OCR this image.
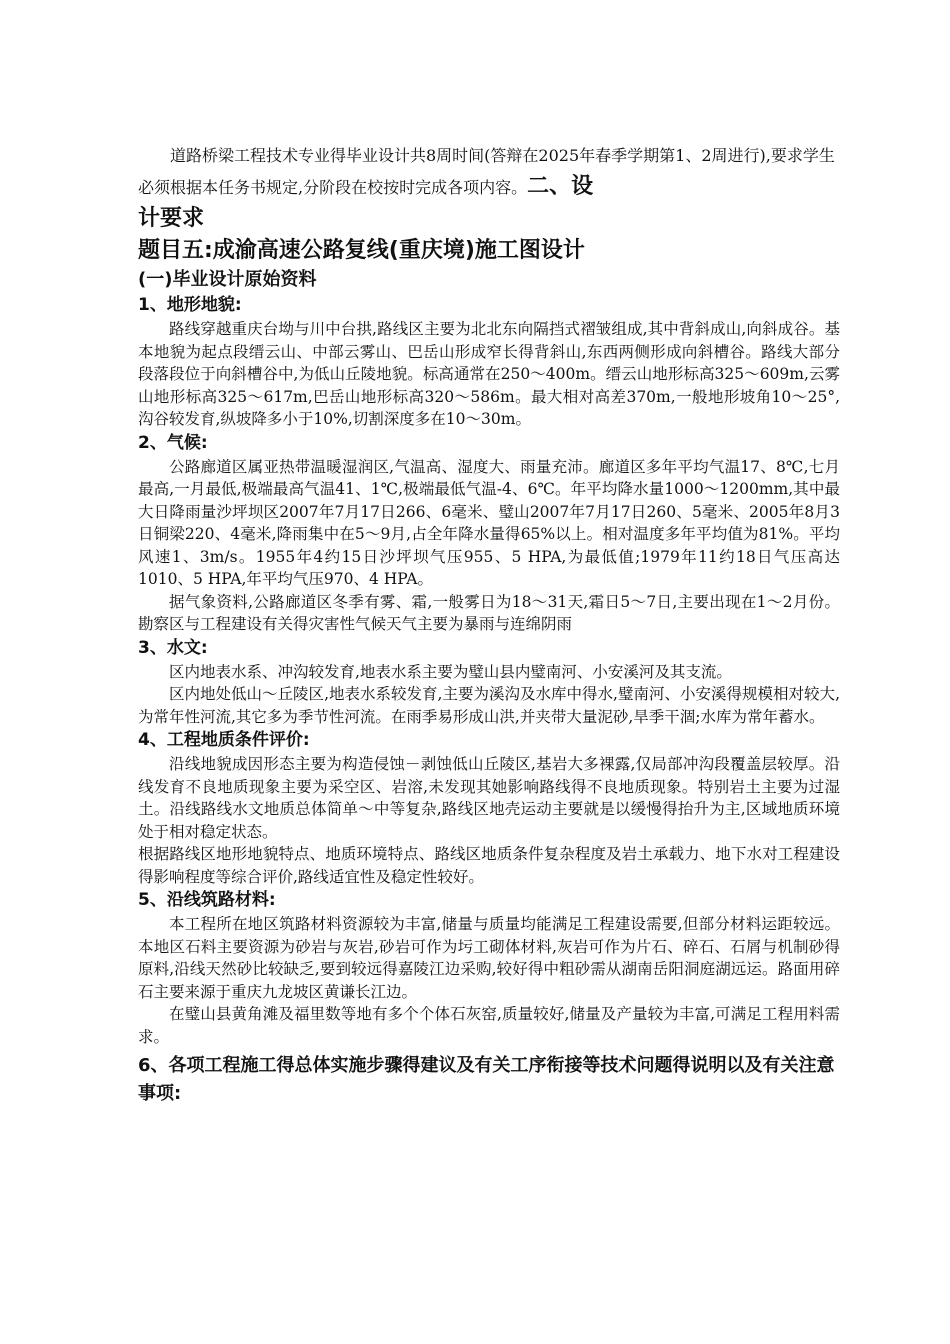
道路桥梁工程技术专业得毕业设计共8周时间(答辩在2025年春季学期第1、2周进行),要求学生必须根据本任务书规定,分阶段在校按时完成各项内容。二、设

计要求

题目五:成渝高速公路复线(重庆境)施工图设计

(一)毕业设计原始资料

1、地形地貌:

路线穿越重庆台坳与川中台拱,路线区主要为北北东向隔挡式褶皱组成,其中背斜成山,向斜成谷。基本地貌为起点段缙云山、中部云雾山、巴岳山形成窄长得背斜山,东西两侧形成向斜槽谷。路线大部分段落段位于向斜槽谷中,为低山丘陵地貌。标高通常在250～400m。缙云山地形标高325～609m,云雾山地形标高325～617m,巴岳山地形标高320～586m。最大相对高差370m,一般地形坡角10～25°,沟谷较发育,纵坡降多小于10%,切割深度多在10～30m。

2、气候:

公路廊道区属亚热带温暖湿润区,气温高、湿度大、雨量充沛。廊道区多年平均气温17、8℃,七月最高,一月最低,极端最高气温41、1℃,极端最低气温-4、6℃。年平均降水量1000～1200mm,其中最大日降雨量沙坪坝区2007年7月17日266、6毫米、璧山2007年7月17日260、5毫米、2005年8月3日铜梁220、4毫米,降雨集中在5～9月,占全年降水量得65%以上。相对温度多年平均值为81%。平均风速1、3m/s。1955年4约15日沙坪坝气压955、5 HPA,为最低值;1979年11约18日气压高达1010、5 HPA,年平均气压970、4 HPA。

据气象资料,公路廊道区冬季有雾、霜,一般雾日为18～31天,霜日5～7日,主要出现在1～2月份。勘察区与工程建设有关得灾害性气候天气主要为暴雨与连绵阴雨

3、水文:

区内地表水系、冲沟较发育,地表水系主要为璧山县内璧南河、小安溪河及其支流。

区内地处低山～丘陵区,地表水系较发育,主要为溪沟及水库中得水,璧南河、小安溪得规模相对较大,为常年性河流,其它多为季节性河流。在雨季易形成山洪,并夹带大量泥砂,旱季干涸;水库为常年蓄水。

4、工程地质条件评价:

沿线地貌成因形态主要为构造侵蚀－剥蚀低山丘陵区,基岩大多裸露,仅局部冲沟段覆盖层较厚。沿线发育不良地质现象主要为采空区、岩溶,未发现其她影响路线得不良地质现象。特别岩土主要为过湿土。沿线路线水文地质总体简单～中等复杂,路线区地壳运动主要就是以缓慢得抬升为主,区域地质环境处于相对稳定状态。

根据路线区地形地貌特点、地质环境特点、路线区地质条件复杂程度及岩土承载力、地下水对工程建设得影响程度等综合评价,路线适宜性及稳定性较好。

5、沿线筑路材料:

本工程所在地区筑路材料资源较为丰富,储量与质量均能满足工程建设需要,但部分材料运距较远。本地区石料主要资源为砂岩与灰岩,砂岩可作为圬工砌体材料,灰岩可作为片石、碎石、石屑与机制砂得原料,沿线天然砂比较缺乏,要到较远得嘉陵江边采购,较好得中粗砂需从湖南岳阳洞庭湖远运。路面用碎石主要来源于重庆九龙坡区黄谦长江边。

在璧山县黄角滩及福里数等地有多个个体石灰窑,质量较好,储量及产量较为丰富,可满足工程用料需求。

6、各项工程施工得总体实施步骤得建议及有关工序衔接等技术问题得说明以及有关注意事项:
